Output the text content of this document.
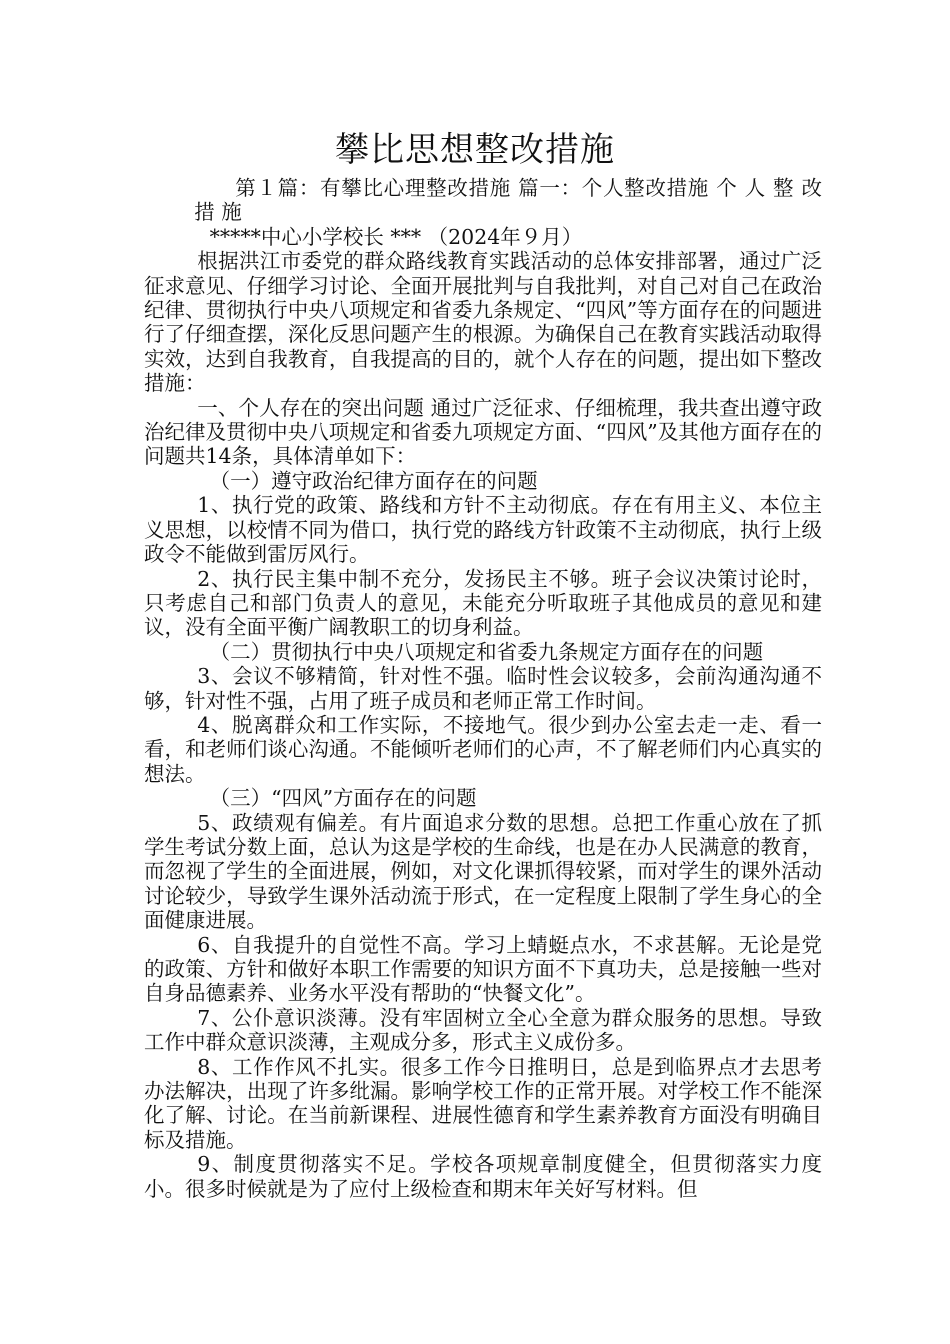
攀比思想整改措施

第１篇：有攀比心理整改措施 篇一：个人整改措施 个 人 整 改 措 施

*****中心小学校长 *** （2024年９月）

根据洪江市委党的群众路线教育实践活动的总体安排部署，通过广泛征求意见、仔细学习讨论、全面开展批判与自我批判，对自己对自己在政治纪律、贯彻执行中央八项规定和省委九条规定、“四风”等方面存在的问题进行了仔细查摆，深化反思问题产生的根源。为确保自己在教育实践活动取得实效，达到自我教育，自我提高的目的，就个人存在的问题，提出如下整改措施：

一、个人存在的突出问题 通过广泛征求、仔细梳理，我共查出遵守政治纪律及贯彻中央八项规定和省委九项规定方面、“四风”及其他方面存在的问题共14条，具体清单如下：

（一）遵守政治纪律方面存在的问题

1、执行党的政策、路线和方针不主动彻底。存在有用主义、本位主义思想，以校情不同为借口，执行党的路线方针政策不主动彻底，执行上级政令不能做到雷厉风行。

2、执行民主集中制不充分，发扬民主不够。班子会议决策讨论时，只考虑自己和部门负责人的意见，未能充分听取班子其他成员的意见和建议，没有全面平衡广阔教职工的切身利益。

（二）贯彻执行中央八项规定和省委九条规定方面存在的问题

3、会议不够精简，针对性不强。临时性会议较多，会前沟通沟通不够，针对性不强，占用了班子成员和老师正常工作时间。

4、脱离群众和工作实际，不接地气。很少到办公室去走一走、看一看，和老师们谈心沟通。不能倾听老师们的心声，不了解老师们内心真实的想法。

（三）“四风”方面存在的问题

5、政绩观有偏差。有片面追求分数的思想。总把工作重心放在了抓学生考试分数上面，总认为这是学校的生命线，也是在办人民满意的教育，而忽视了学生的全面进展，例如，对文化课抓得较紧，而对学生的课外活动讨论较少，导致学生课外活动流于形式，在一定程度上限制了学生身心的全面健康进展。

6、自我提升的自觉性不高。学习上蜻蜓点水，不求甚解。无论是党的政策、方针和做好本职工作需要的知识方面不下真功夫，总是接触一些对自身品德素养、业务水平没有帮助的“快餐文化”。

7、公仆意识淡薄。没有牢固树立全心全意为群众服务的思想。导致工作中群众意识淡薄，主观成分多，形式主义成份多。

8、工作作风不扎实。很多工作今日推明日，总是到临界点才去思考办法解决，出现了许多纰漏。影响学校工作的正常开展。对学校工作不能深化了解、讨论。在当前新课程、进展性德育和学生素养教育方面没有明确目标及措施。

9、制度贯彻落实不足。学校各项规章制度健全，但贯彻落实力度小。很多时候就是为了应付上级检查和期末年关好写材料。但
